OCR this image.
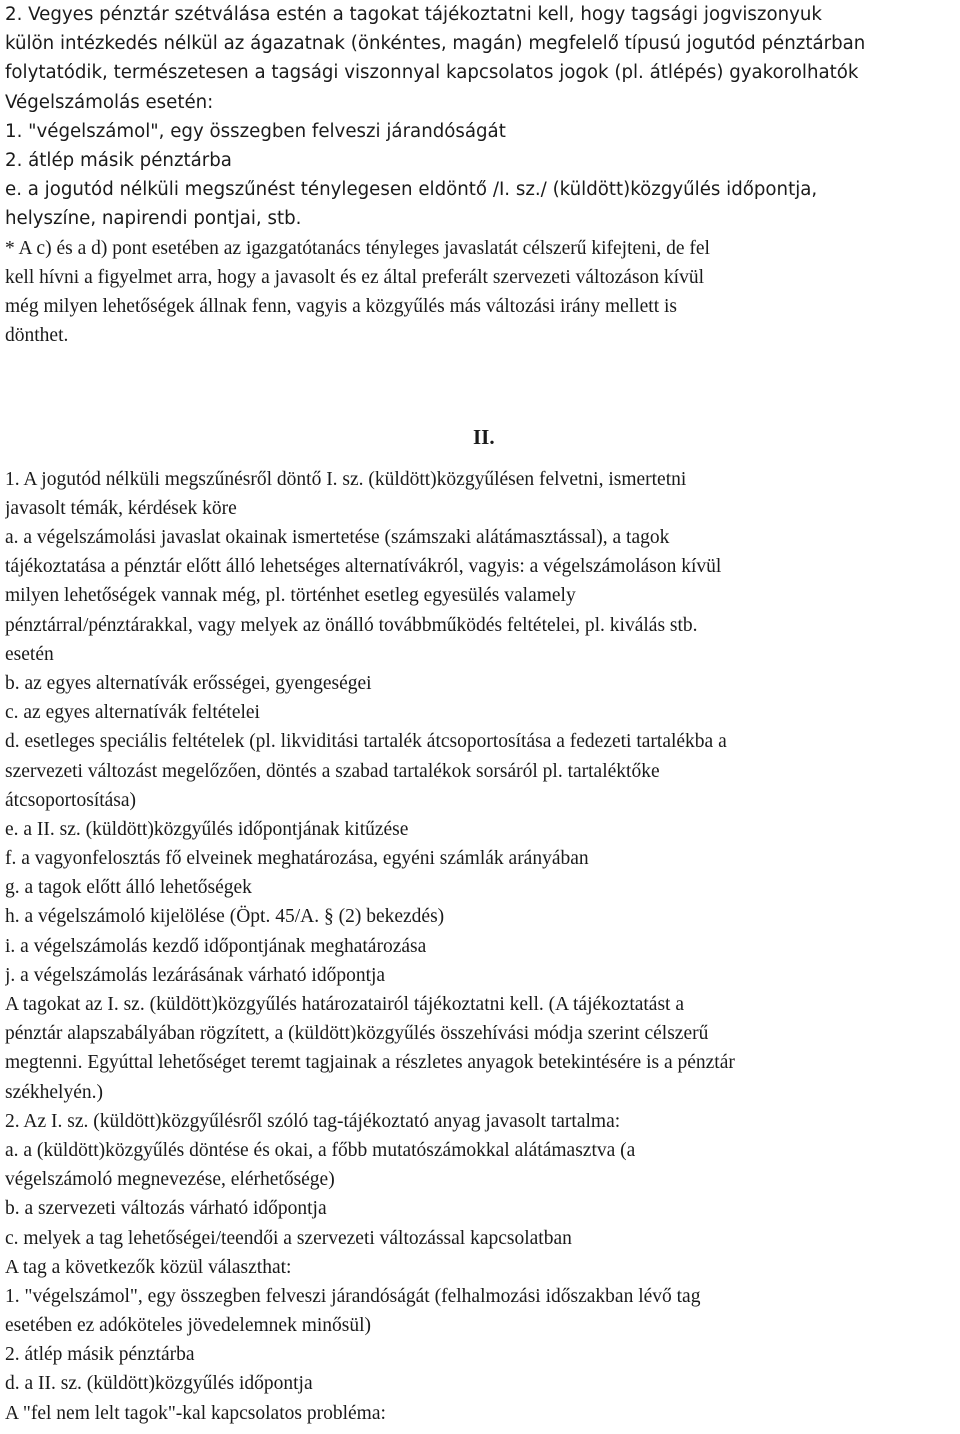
2. Vegyes pénztár szétválása estén a tagokat tájékoztatni kell, hogy tagsági jogviszonyuk
külön intézkedés nélkül az ágazatnak (önkéntes, magán) megfelelő típusú jogutód pénztárban
folytatódik, természetesen a tagsági viszonnyal kapcsolatos jogok (pl. átlépés) gyakorolhatók
Végelszámolás esetén:
1. "végelszámol", egy összegben felveszi járandóságát
2. átlép másik pénztárba
e. a jogutód nélküli megszűnést ténylegesen eldöntő /I. sz./ (küldött)közgyűlés időpontja,
helyszíne, napirendi pontjai, stb.
* A c) és a d) pont esetében az igazgatótanács tényleges javaslatát célszerű kifejteni, de fel
kell hívni a figyelmet arra, hogy a javasolt és ez által preferált szervezeti változáson kívül
még milyen lehetőségek állnak fenn, vagyis a közgyűlés más változási irány mellett is
dönthet.
II.
1. A jogutód nélküli megszűnésről döntő I. sz. (küldött)közgyűlésen felvetni, ismertetni
javasolt témák, kérdések köre
a. a végelszámolási javaslat okainak ismertetése (számszaki alátámasztással), a tagok
tájékoztatása a pénztár előtt álló lehetséges alternatívákról, vagyis: a végelszámoláson kívül
milyen lehetőségek vannak még, pl. történhet esetleg egyesülés valamely
pénztárral/pénztárakkal, vagy melyek az önálló továbbműködés feltételei, pl. kiválás stb.
esetén
b. az egyes alternatívák erősségei, gyengeségei
c. az egyes alternatívák feltételei
d. esetleges speciális feltételek (pl. likviditási tartalék átcsoportosítása a fedezeti tartalékba a
szervezeti változást megelőzően, döntés a szabad tartalékok sorsáról pl. tartaléktőke
átcsoportosítása)
e. a II. sz. (küldött)közgyűlés időpontjának kitűzése
f. a vagyonfelosztás fő elveinek meghatározása, egyéni számlák arányában
g. a tagok előtt álló lehetőségek
h. a végelszámoló kijelölése (Öpt. 45/A. § (2) bekezdés)
i. a végelszámolás kezdő időpontjának meghatározása
j. a végelszámolás lezárásának várható időpontja
A tagokat az I. sz. (küldött)közgyűlés határozatairól tájékoztatni kell. (A tájékoztatást a
pénztár alapszabályában rögzített, a (küldött)közgyűlés összehívási módja szerint célszerű
megtenni. Egyúttal lehetőséget teremt tagjainak a részletes anyagok betekintésére is a pénztár
székhelyén.)
2. Az I. sz. (küldött)közgyűlésről szóló tag-tájékoztató anyag javasolt tartalma:
a. a (küldött)közgyűlés döntése és okai, a főbb mutatószámokkal alátámasztva (a
végelszámoló megnevezése, elérhetősége)
b. a szervezeti változás várható időpontja
c. melyek a tag lehetőségei/teendői a szervezeti változással kapcsolatban
A tag a következők közül választhat:
1. "végelszámol", egy összegben felveszi járandóságát (felhalmozási időszakban lévő tag
esetében ez adóköteles jövedelemnek minősül)
2. átlép másik pénztárba
d. a II. sz. (küldött)közgyűlés időpontja
A "fel nem lelt tagok"-kal kapcsolatos probléma:
